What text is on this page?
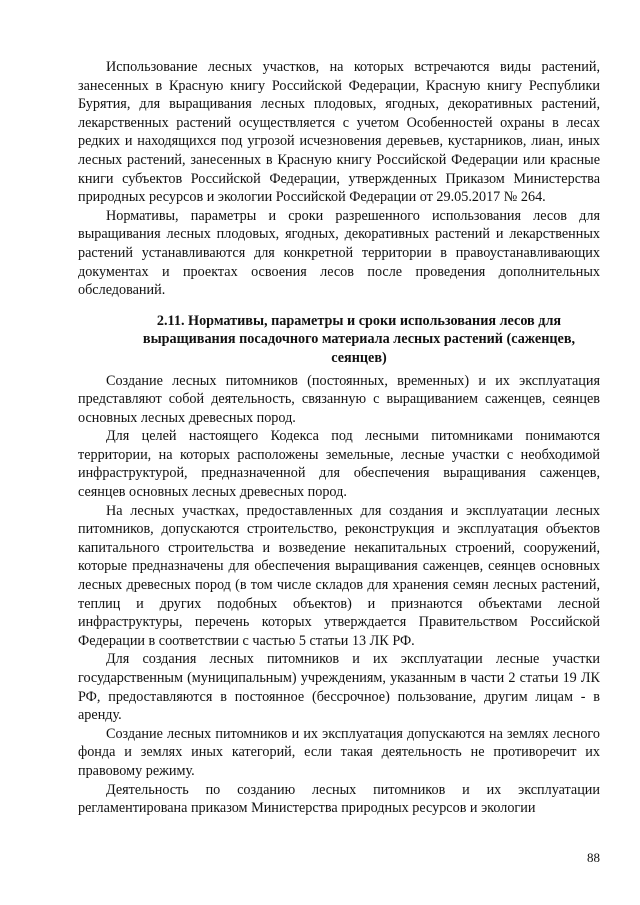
Использование лесных участков, на которых встречаются виды растений, занесенных в Красную книгу Российской Федерации, Красную книгу Республики Бурятия, для выращивания лесных плодовых, ягодных, декоративных растений, лекарственных растений осуществляется с учетом Особенностей охраны в лесах редких и находящихся под угрозой исчезновения деревьев, кустарников, лиан, иных лесных растений, занесенных в Красную книгу Российской Федерации или красные книги субъектов Российской Федерации, утвержденных Приказом Министерства природных ресурсов и экологии Российской Федерации от 29.05.2017 № 264.

Нормативы, параметры и сроки разрешенного использования лесов для выращивания лесных плодовых, ягодных, декоративных растений и лекарственных растений устанавливаются для конкретной территории в правоустанавливающих документах и проектах освоения лесов после проведения дополнительных обследований.

2.11. Нормативы, параметры и сроки использования лесов для выращивания посадочного материала лесных растений (саженцев, сеянцев)

Создание лесных питомников (постоянных, временных) и их эксплуатация представляют собой деятельность, связанную с выращиванием саженцев, сеянцев основных лесных древесных пород.

Для целей настоящего Кодекса под лесными питомниками понимаются территории, на которых расположены земельные, лесные участки с необходимой инфраструктурой, предназначенной для обеспечения выращивания саженцев, сеянцев основных лесных древесных пород.

На лесных участках, предоставленных для создания и эксплуатации лесных питомников, допускаются строительство, реконструкция и эксплуатация объектов капитального строительства и возведение некапитальных строений, сооружений, которые предназначены для обеспечения выращивания саженцев, сеянцев основных лесных древесных пород (в том числе складов для хранения семян лесных растений, теплиц и других подобных объектов) и признаются объектами лесной инфраструктуры, перечень которых утверждается Правительством Российской Федерации в соответствии с частью 5 статьи 13 ЛК РФ.

Для создания лесных питомников и их эксплуатации лесные участки государственным (муниципальным) учреждениям, указанным в части 2 статьи 19 ЛК РФ, предоставляются в постоянное (бессрочное) пользование, другим лицам - в аренду.

Создание лесных питомников и их эксплуатация допускаются на землях лесного фонда и землях иных категорий, если такая деятельность не противоречит их правовому режиму.

Деятельность по созданию лесных питомников и их эксплуатации регламентирована приказом Министерства природных ресурсов и экологии

88
